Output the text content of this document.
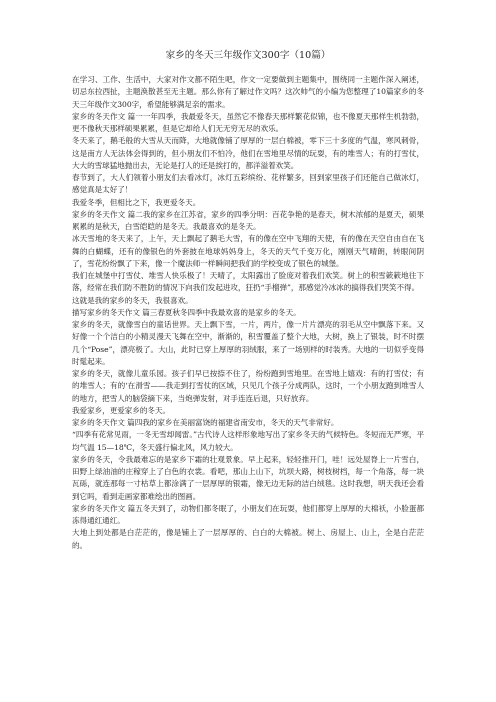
家乡的冬天三年级作文300字（10篇）

在学习、工作、生活中，大家对作文都不陌生吧，作文一定要做到主题集中，围绕同一主题作深入阐述，切忌东拉西扯，主题涣散甚至无主题。那么你有了解过作文吗？这次帅气的小编为您整理了10篇家乡的冬天三年级作文300字，希望能够满足亲的需求。

家乡的冬天作文 篇一一年四季，我最爱冬天，虽然它不像春天那样繁花似锦，也不像夏天那样生机勃勃，更不像秋天那样硕果累累，但是它却给人们无无穷无尽的欢乐。

冬天来了，鹅毛般的大雪从天而降，大地就像铺了厚厚的一层白棉被，零下三十多度的气温，寒风刺骨，这是南方人无法体会得到的，但小朋友们不怕冷，他们在雪地里尽情的玩耍，有的堆雪人；有的打雪仗，大大的雪球猛地抛出去，无论是打人的还是挨打的，都洋溢着欢笑。

春节到了，大人们领着小朋友们去看冰灯，冰灯五彩缤纷、花样繁多，回到家里孩子们还能自己做冰灯，感觉真是太好了！

我爱冬季，但相比之下，我更爱冬天。

家乡的冬天作文 篇二我的家乡在江苏省，家乡的四季分明：百花争艳的是春天，树木浓郁的是夏天，硕果累累的是秋天，白雪皑皑的是冬天。我最喜欢的是冬天。

冰天雪地的冬天来了，上午，天上飘起了鹅毛大雪，有的像在空中飞翔的天使，有的像在天空自由自在飞舞的白蝴蝶，还有的像银色的外套披在地球妈妈身上，冬天的天气千变万化，刚刚天气晴朗，转眼间阴了，雪花纷纷飘了下来，像一个魔法师一样瞬间把我们的学校变成了银色的城堡。

我们在城堡中打雪仗、堆雪人快乐极了！天晴了，太阳露出了脸庞对着我们欢笑。树上的积雪簌簌地往下落，经常在我们防不胜防的情况下向我们发起进攻，狂扔“手榴弹”，那感觉冷冰冰的搞得我们哭笑不得。

这就是我的家乡的冬天，我很喜欢。

描写家乡的冬天作文 篇三春夏秋冬四季中我最欢喜的是家乡的冬天。

家乡的冬天，就像雪白的童话世界。天上飘下雪，一片，两片，像一片片漂亮的羽毛从空中飘落下来。又好像一个个洁白的小精灵漫天飞舞在空中，渐渐的，积雪覆盖了整个大地，大树，换上了银装，时不时摆几个“Pose”，漂亮极了。大山，此时已穿上厚厚的羽绒服，来了一场别样的时装秀。大地的一切似乎变得时髦起来。

家乡的冬天，就像儿童乐园。孩子们早已按捺不住了，纷纷跑到雪地里。在雪地上嬉戏：有的打雪仗；有的堆雪人；有的‘在滑雪——我走到打雪仗的区域，只见几个孩子分成两队，这时，一个小朋友跑到堆雪人的地方，把雪人的脑袋摘下来，当炮弹发射，对手连连后退，只好放弃。

我爱家乡，更爱家乡的冬天。

家乡的冬天作文 篇四我的家乡在美丽富饶的福建省南安市，冬天的天气非常好。

“四季有花常见雨，一冬无雪却闻雷。”古代诗人这样形象地写出了家乡冬天的气候特色。冬短而无严寒，平均气温 15—18℃，冬天盛行偏北风，风力较大。

家乡的冬天，令我最难忘的是家乡下霜的壮观景象。早上起来，轻轻推开门，哇！远处屋脊上一片雪白，田野上绿油油的庄稼穿上了白色的衣裳。看吧，那山上山下，坑坝大路，树枝树档，每一个角落，每一块瓦砾，就连那每一寸枯草上都涂满了一层厚厚的银霜，像无边无际的洁白绒毯。这时我想，明天我还会看到它吗，看到走画家都难绘出的图画。

家乡的冬天作文 篇五冬天到了，动物们都冬眠了，小朋友们在玩耍，他们都穿上厚厚的大棉袄，小脸蛋都冻得通红通红。

大地上到处都是白茫茫的，像是铺上了一层厚厚的、白白的大棉被。树上、房屋上、山上，全是白茫茫的。
